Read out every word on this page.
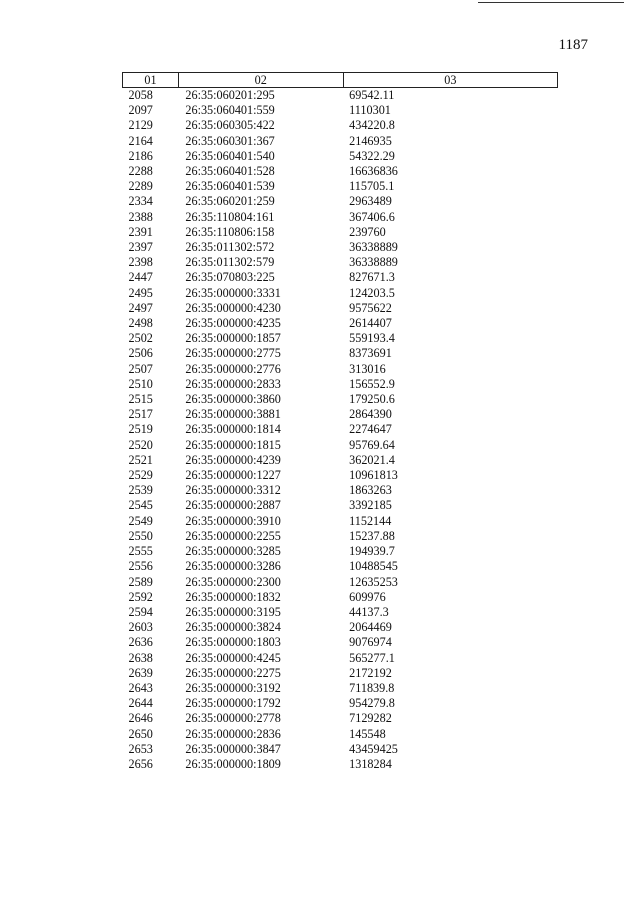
1187
01	02	03
2058	26:35:060201:295	69542.11
2097	26:35:060401:559	1110301
2129	26:35:060305:422	434220.8
2164	26:35:060301:367	2146935
2186	26:35:060401:540	54322.29
2288	26:35:060401:528	16636836
2289	26:35:060401:539	115705.1
2334	26:35:060201:259	2963489
2388	26:35:110804:161	367406.6
2391	26:35:110806:158	239760
2397	26:35:011302:572	36338889
2398	26:35:011302:579	36338889
2447	26:35:070803:225	827671.3
2495	26:35:000000:3331	124203.5
2497	26:35:000000:4230	9575622
2498	26:35:000000:4235	2614407
2502	26:35:000000:1857	559193.4
2506	26:35:000000:2775	8373691
2507	26:35:000000:2776	313016
2510	26:35:000000:2833	156552.9
2515	26:35:000000:3860	179250.6
2517	26:35:000000:3881	2864390
2519	26:35:000000:1814	2274647
2520	26:35:000000:1815	95769.64
2521	26:35:000000:4239	362021.4
2529	26:35:000000:1227	10961813
2539	26:35:000000:3312	1863263
2545	26:35:000000:2887	3392185
2549	26:35:000000:3910	1152144
2550	26:35:000000:2255	15237.88
2555	26:35:000000:3285	194939.7
2556	26:35:000000:3286	10488545
2589	26:35:000000:2300	12635253
2592	26:35:000000:1832	609976
2594	26:35:000000:3195	44137.3
2603	26:35:000000:3824	2064469
2636	26:35:000000:1803	9076974
2638	26:35:000000:4245	565277.1
2639	26:35:000000:2275	2172192
2643	26:35:000000:3192	711839.8
2644	26:35:000000:1792	954279.8
2646	26:35:000000:2778	7129282
2650	26:35:000000:2836	145548
2653	26:35:000000:3847	43459425
2656	26:35:000000:1809	1318284
